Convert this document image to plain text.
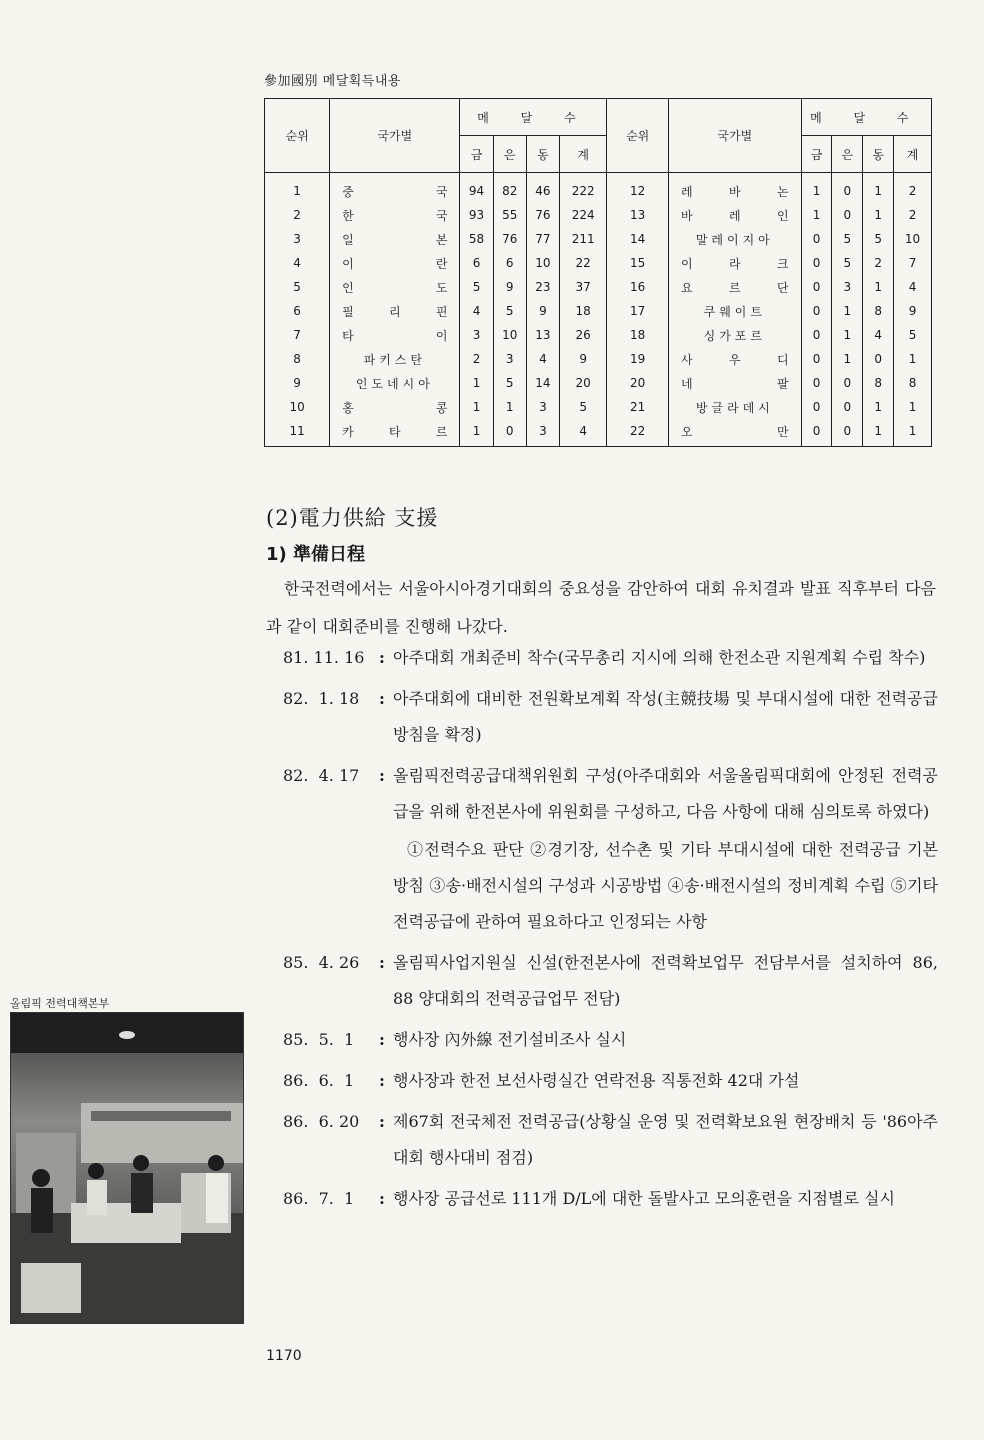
參加國別 메달획득내용
순위	국가별	메 달 수				순위	국가별	메 달 수			
		금	은	동	계			금	은	동	계
1	중 국	94	82	46	222	12	레 바 논	1	0	1	2
2	한 국	93	55	76	224	13	바 레 인	1	0	1	2
3	일 본	58	76	77	211	14	말레이지아	0	5	5	10
4	이 란	6	6	10	22	15	이 라 크	0	5	2	7
5	인 도	5	9	23	37	16	요 르 단	0	3	1	4
6	필 리 핀	4	5	9	18	17	쿠웨이트	0	1	8	9
7	타 이	3	10	13	26	18	싱가포르	0	1	4	5
8	파키스탄	2	3	4	9	19	사 우 디	0	1	0	1
9	인도네시아	1	5	14	20	20	네 팔	0	0	8	8
10	홍 콩	1	1	3	5	21	방글라데시	0	0	1	1
11	카 타 르	1	0	3	4	22	오 만	0	0	1	1
(2)電力供給 支援
1) 準備日程
한국전력에서는 서울아시아경기대회의 중요성을 감안하여 대회 유치결과 발표 직후부터 다음과 같이 대회준비를 진행해 나갔다.
81. 11. 16 : 아주대회 개최준비 착수(국무총리 지시에 의해 한전소관 지원계획 수립 착수)
82.  1. 18	: 아주대회에 대비한 전원확보계획 작성(主競技場 및 부대시설에 대한 전력공급방침을 확정)
82.  4. 17	: 올림픽전력공급대책위원회 구성(아주대회와 서울올림픽대회에 안정된 전력공급을 위해 한전본사에 위원회를 구성하고, 다음 사항에 대해 심의토록 하였다)
①전력수요 판단 ②경기장, 선수촌 및 기타 부대시설에 대한 전력공급 기본방침 ③송·배전시설의 구성과 시공방법 ④송·배전시설의 정비계획 수립 ⑤기타 전력공급에 관하여 필요하다고 인정되는 사항
85.  4. 26	: 올림픽사업지원실 신설(한전본사에 전력확보업무 전담부서를 설치하여 86, 88 양대회의 전력공급업무 전담)
85.  5.  1	: 행사장 內外線 전기설비조사 실시
86.  6.  1	: 행사장과 한전 보선사령실간 연락전용 직통전화 42대 가설
86.  6. 20	: 제67회 전국체전 전력공급(상황실 운영 및 전력확보요원 현장배치 등 '86아주대회 행사대비 점검)
86.  7.  1	: 행사장 공급선로 111개 D/L에 대한 돌발사고 모의훈련을 지점별로 실시
올림픽 전력대책본부
1170
